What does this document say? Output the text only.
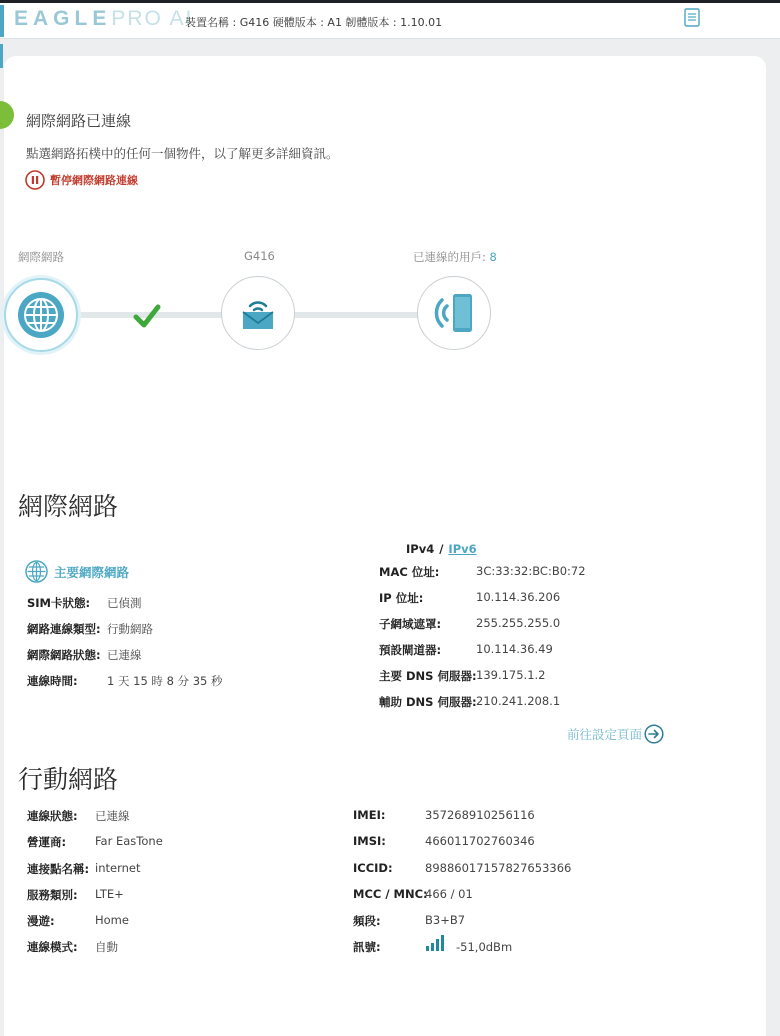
EAGLEPRO AI
裝置名稱 : G416 硬體版本 : A1 韌體版本 : 1.10.01
網際網路已連線
點選網路拓樸中的任何一個物件，以了解更多詳細資訊。
暫停網際網路連線
網際網路	G416	已連線的用戶: 8
網際網路
主要網際網路
SIM卡狀態: 已偵測
網路連線類型: 行動網路
網際網路狀態: 已連線
連線時間:	1 天 15 時 8 分 35 秒
IPv4 / IPv6
MAC 位址:	3C:33:32:BC:B0:72
IP 位址:	10.114.36.206
子網域遮罩:	255.255.255.0
預設閘道器:	10.114.36.49
主要 DNS 伺服器: 139.175.1.2
輔助 DNS 伺服器: 210.241.208.1
前往設定頁面
行動網路
連線狀態: 已連線
營運商:	Far EasTone
連接點名稱: internet
服務類別: LTE+
漫遊:	Home
連線模式: 自動
IMEI:	357268910256116
IMSI:	466011702760346
ICCID:	89886017157827653366
MCC / MNC:
466 / 01
頻段:	B3+B7
訊號:	-51,0dBm
